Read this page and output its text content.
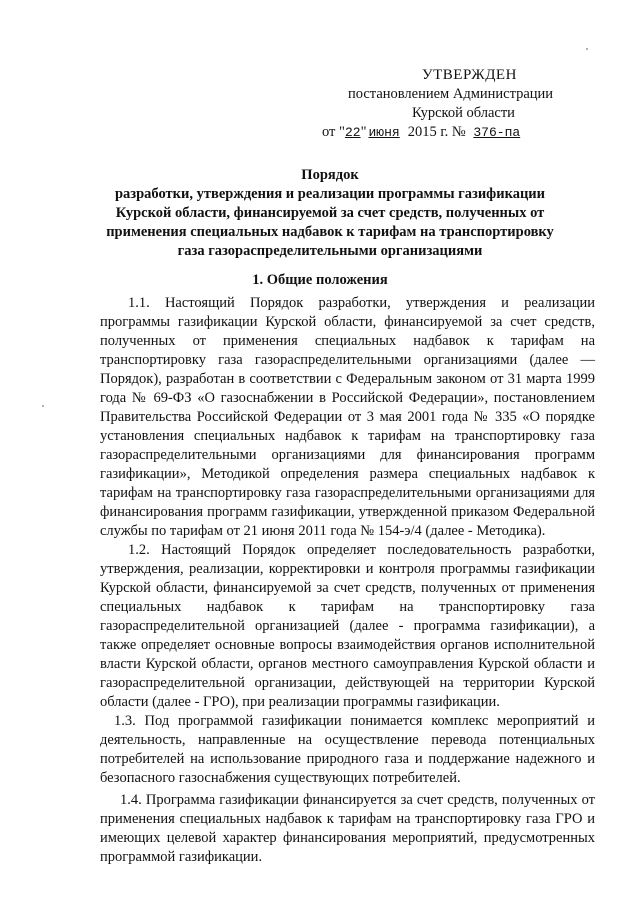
УТВЕРЖДЕН
постановлением Администрации
Курской области
от "22" июня 2015 г. № 376-па
Порядок
разработки, утверждения и реализации программы газификации
Курской области, финансируемой за счет средств, полученных от
применения специальных надбавок к тарифам на транспортировку
газа газораспределительными организациями
1. Общие положения

1.1. Настоящий Порядок разработки, утверждения и реализации программы газификации Курской области, финансируемой за счет средств, полученных от применения специальных надбавок к тарифам на транспортировку газа газораспределительными организациями (далее — Порядок), разработан в соответствии с Федеральным законом от 31 марта 1999 года № 69-ФЗ «О газоснабжении в Российской Федерации», постановлением Правительства Российской Федерации от 3 мая 2001 года № 335 «О порядке установления специальных надбавок к тарифам на транспортировку газа газораспределительными организациями для финансирования программ газификации», Методикой определения размера специальных надбавок к тарифам на транспортировку газа газораспределительными организациями для финансирования программ газификации, утвержденной приказом Федеральной службы по тарифам от 21 июня 2011 года № 154-э/4 (далее - Методика).

1.2. Настоящий Порядок определяет последовательность разработки, утверждения, реализации, корректировки и контроля программы газификации Курской области, финансируемой за счет средств, полученных от применения специальных надбавок к тарифам на транспортировку газа газораспределительной организацией (далее - программа газификации), а также определяет основные вопросы взаимодействия органов исполнительной власти Курской области, органов местного самоуправления Курской области и газораспределительной организации, действующей на территории Курской области (далее - ГРО), при реализации программы газификации.

1.3. Под программой газификации понимается комплекс мероприятий и деятельность, направленные на осуществление перевода потенциальных потребителей на использование природного газа и поддержание надежного и безопасного газоснабжения существующих потребителей.

1.4. Программа газификации финансируется за счет средств, полученных от применения специальных надбавок к тарифам на транспортировку газа ГРО и имеющих целевой характер финансирования мероприятий, предусмотренных программой газификации.
